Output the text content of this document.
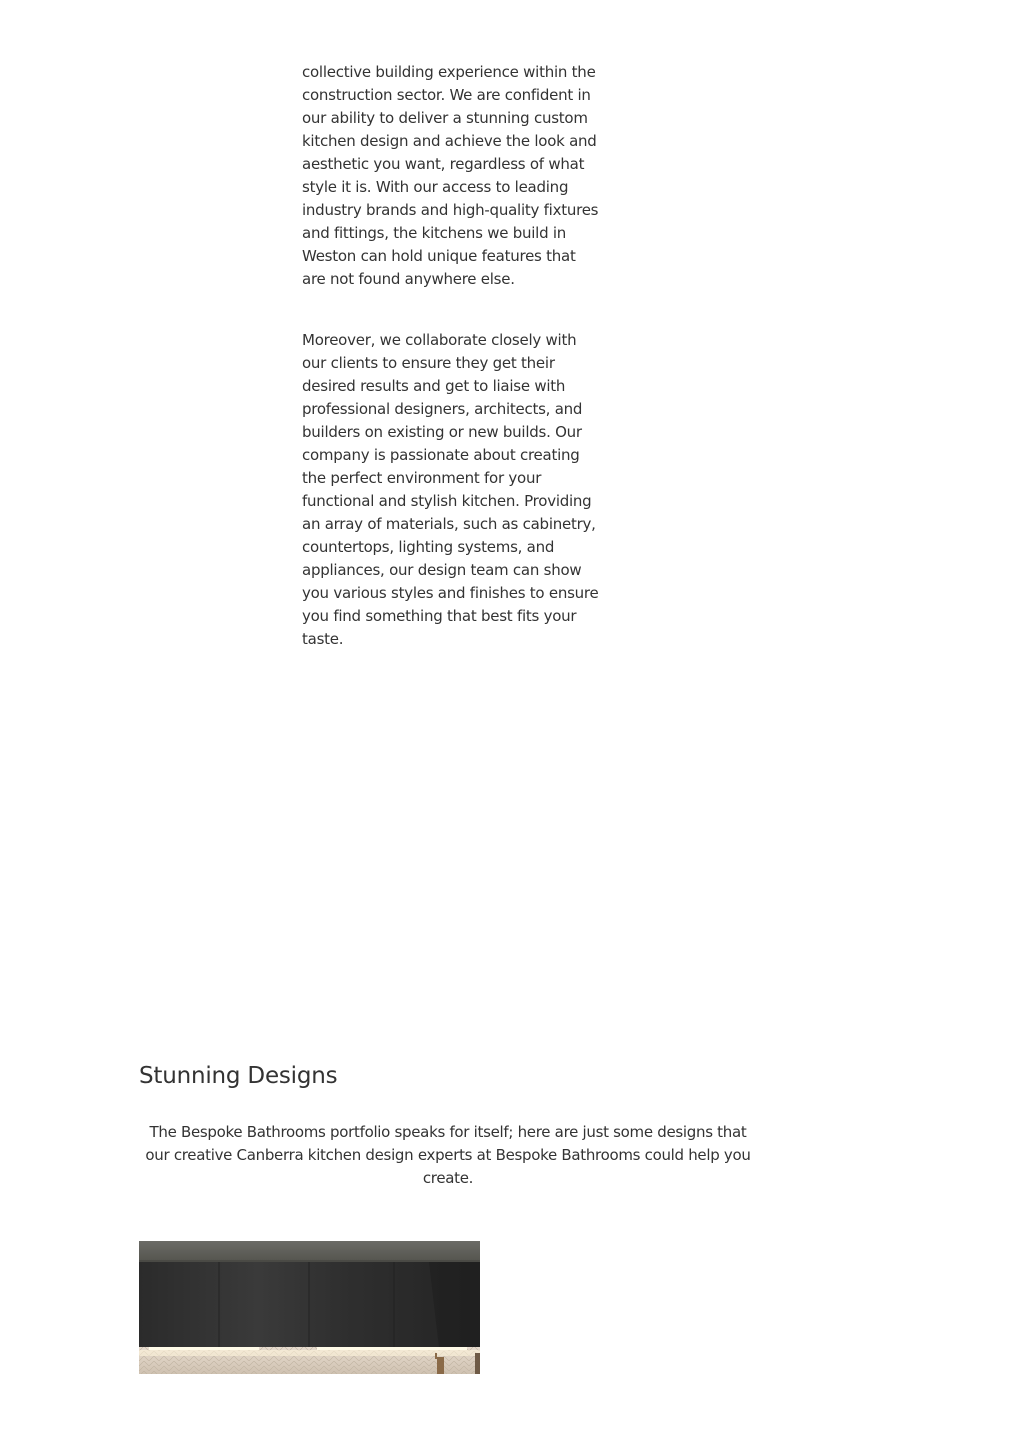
collective building experience within the construction sector. We are confident in our ability to deliver a stunning custom kitchen design and achieve the look and aesthetic you want, regardless of what style it is. With our access to leading industry brands and high-quality fixtures and fittings, the kitchens we build in Weston can hold unique features that are not found anywhere else.

Moreover, we collaborate closely with our clients to ensure they get their desired results and get to liaise with professional designers, architects, and builders on existing or new builds. Our company is passionate about creating the perfect environment for your functional and stylish kitchen. Providing an array of materials, such as cabinetry, countertops, lighting systems, and appliances, our design team can show you various styles and finishes to ensure you find something that best fits your taste.

Stunning Designs

The Bespoke Bathrooms portfolio speaks for itself; here are just some designs that our creative Canberra kitchen design experts at Bespoke Bathrooms could help you create.
